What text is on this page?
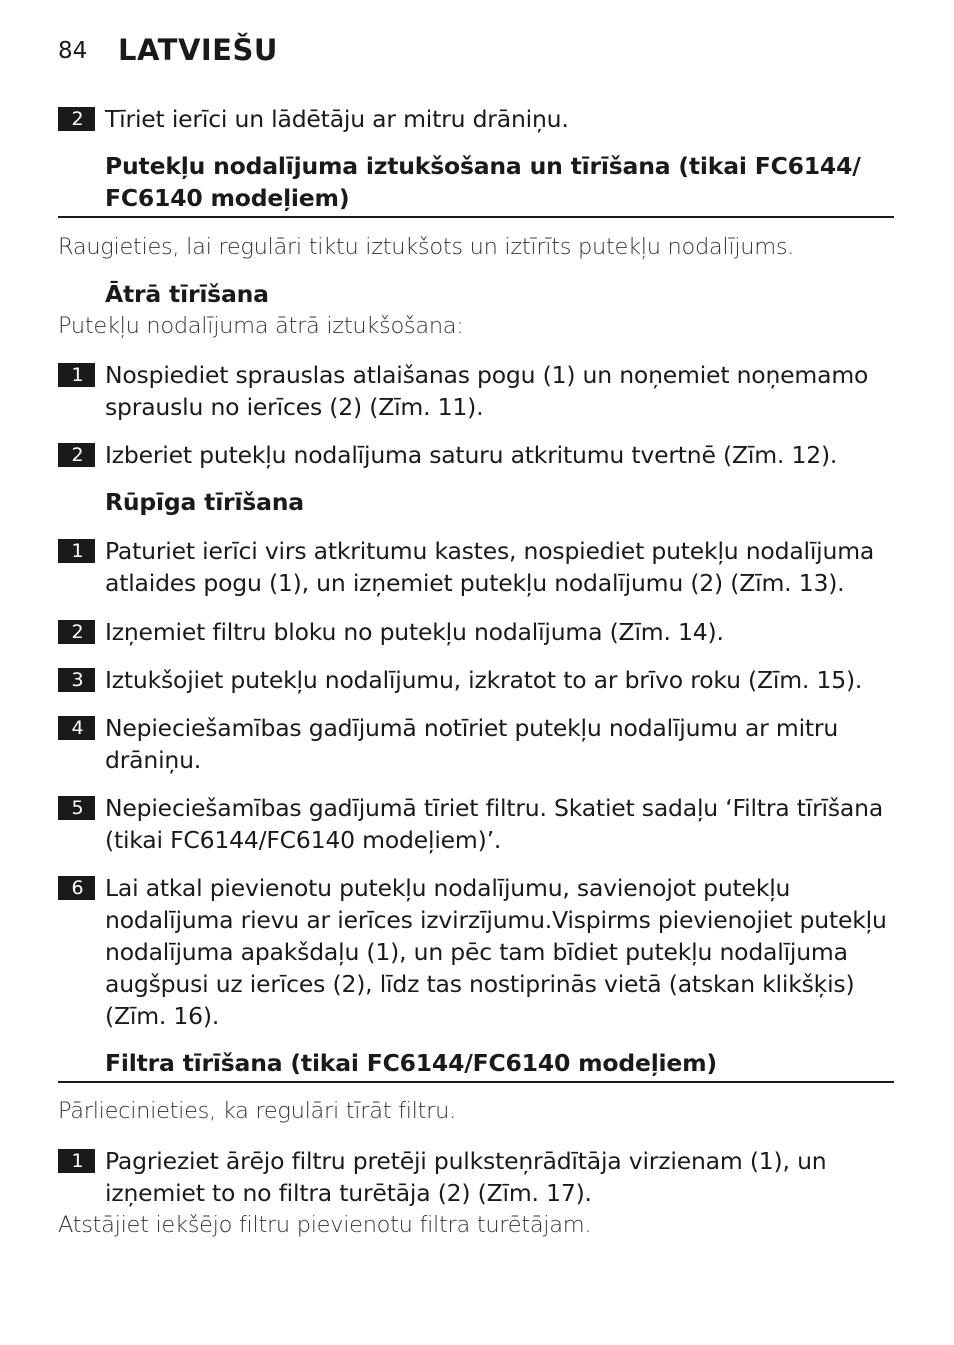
84 LATVIEŠU
2 Tīriet ierīci un lādētāju ar mitru drāniņu.
Putekļu nodalījuma iztukšošana un tīrīšana (tikai FC6144/ FC6140 modeļiem)
Raugieties, lai regulāri tiktu iztukšots un iztīrīts putekļu nodalījums.
Ātrā tīrīšana
Putekļu nodalījuma ātrā iztukšošana:
1 Nospiediet sprauslas atlaišanas pogu (1) un noņemiet noņemamo sprauslu no ierīces (2) (Zīm. 11).
2 Izberiet putekļu nodalījuma saturu atkritumu tvertnē (Zīm. 12).
Rūpīga tīrīšana
1 Paturiet ierīci virs atkritumu kastes, nospiediet putekļu nodalījuma atlaides pogu (1), un izņemiet putekļu nodalījumu (2) (Zīm. 13).
2 Izņemiet filtru bloku no putekļu nodalījuma (Zīm. 14).
3 Iztukšojiet putekļu nodalījumu, izkratot to ar brīvo roku (Zīm. 15).
4 Nepieciešamības gadījumā notīriet putekļu nodalījumu ar mitru drāniņu.
5 Nepieciešamības gadījumā tīriet filtru. Skatiet sadaļu ‘Filtra tīrīšana (tikai FC6144/FC6140 modeļiem)’.
6 Lai atkal pievienotu putekļu nodalījumu, savienojot putekļu nodalījuma rievu ar ierīces izvirzījumu.Vispirms pievienojiet putekļu nodalījuma apakšdaļu (1), un pēc tam bīdiet putekļu nodalījuma augšpusi uz ierīces (2), līdz tas nostiprinās vietā (atskan klikšķis) (Zīm. 16).
Filtra tīrīšana (tikai FC6144/FC6140 modeļiem)
Pārliecinieties, ka regulāri tīrāt filtru.
1 Pagrieziet ārējo filtru pretēji pulksteņrādītāja virzienam (1), un izņemiet to no filtra turētāja (2) (Zīm. 17).
Atstājiet iekšējo filtru pievienotu filtra turētājam.
